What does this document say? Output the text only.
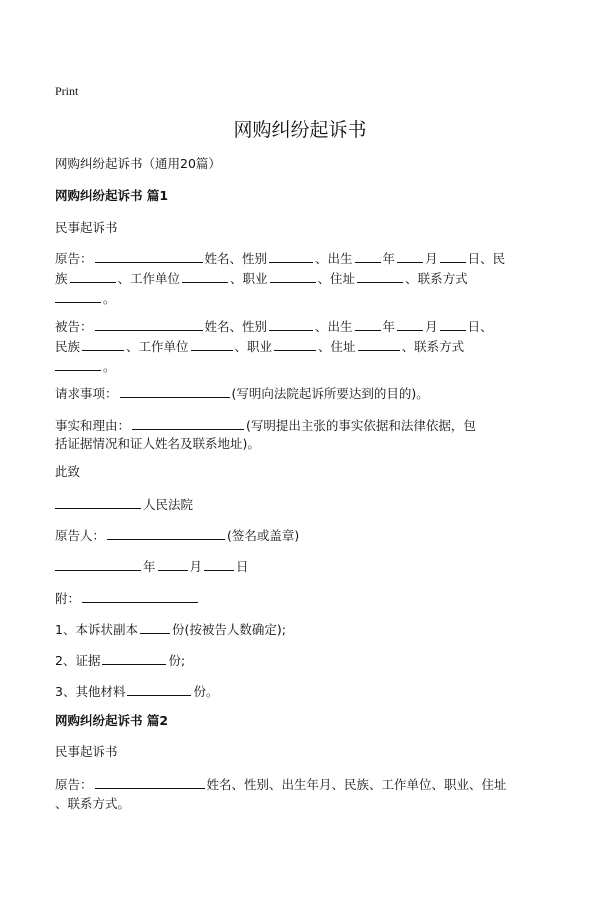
Print
网购纠纷起诉书
网购纠纷起诉书（通用20篇）
网购纠纷起诉书 篇1
民事起诉书
原告：	姓名、性别	、出生 年 月 日、民
族	、工作单位	、职业	、住址	、联系方式
。
被告：	姓名、性别	、出生 年 月 日、
民族	、工作单位	、职业	、住址	、联系方式
。
请求事项：	(写明向法院起诉所要达到的目的)。
事实和理由：	(写明提出主张的事实依据和法律依据，包
括证据情况和证人姓名及联系地址)。
此致
人民法院
原告人：	(签名或盖章)
年	月	日
附：
1、本诉状副本	份(按被告人数确定);
2、证据	份;
3、其他材料	份。
网购纠纷起诉书 篇2
民事起诉书
原告：	姓名、性别、出生年月、民族、工作单位、职业、住址
、联系方式。
